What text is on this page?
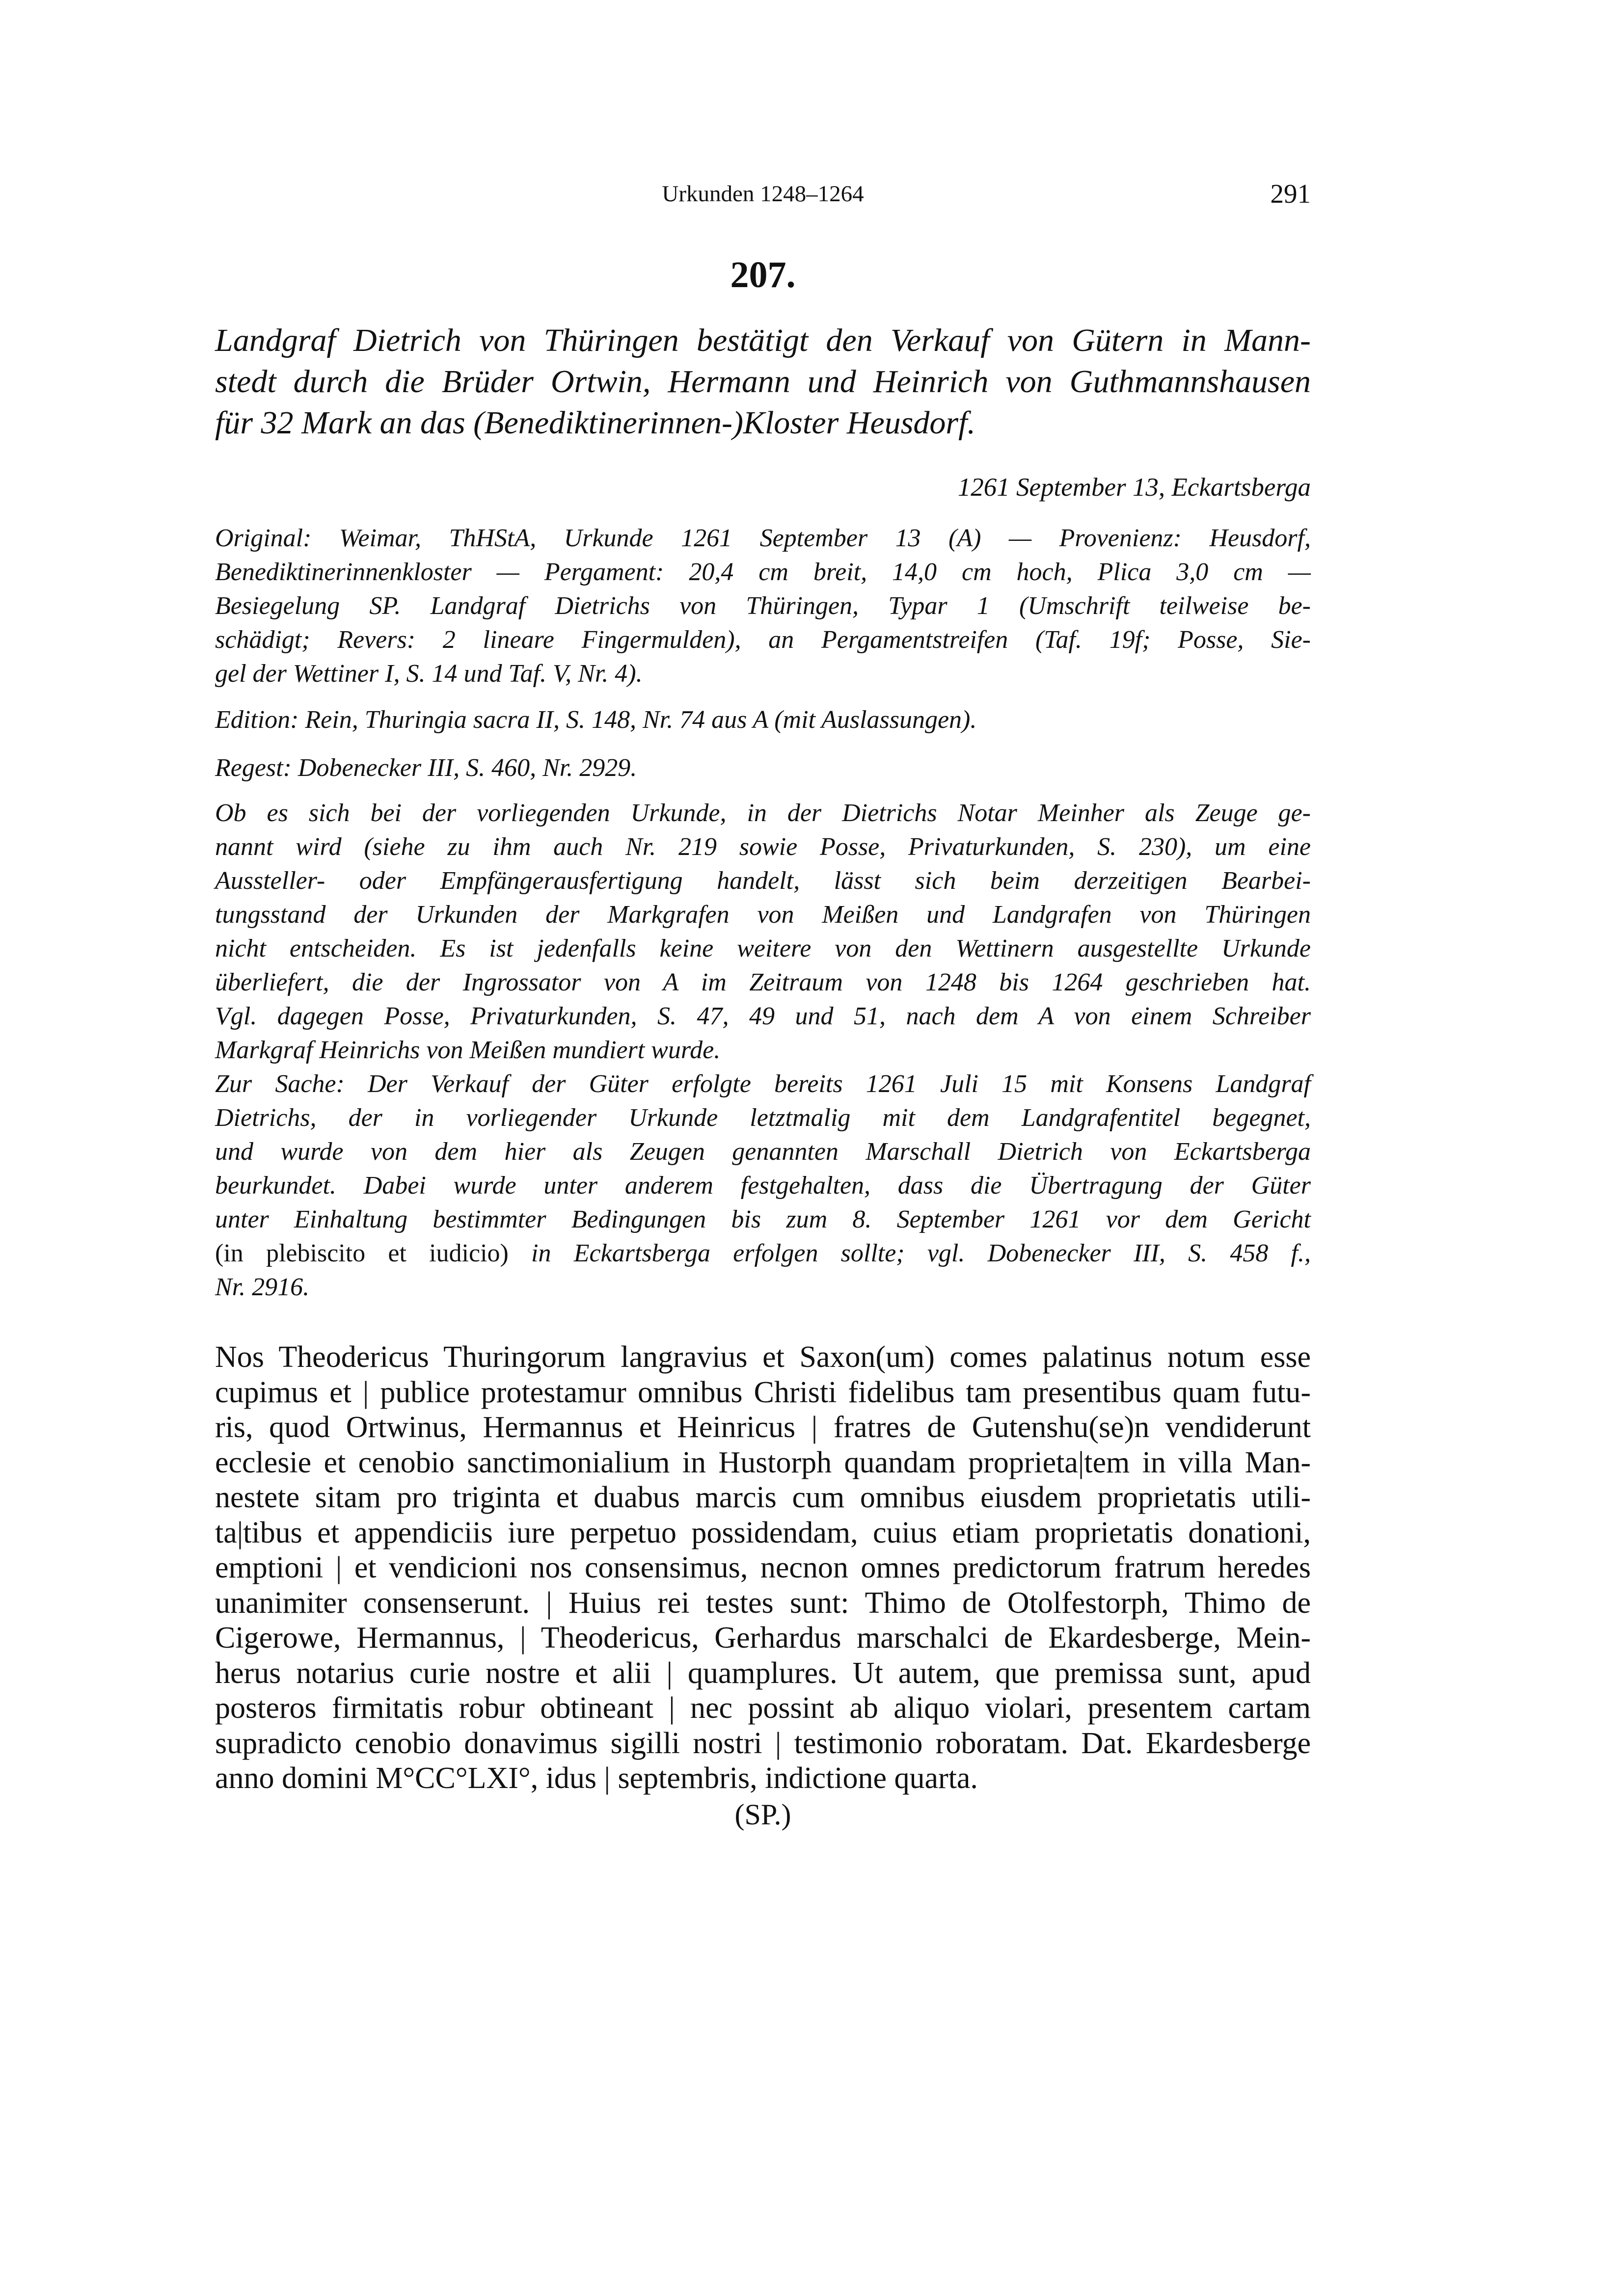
Urkunden 1248–1264	291
207.
Landgraf Dietrich von Thüringen bestätigt den Verkauf von Gütern in Mann-
stedt durch die Brüder Ortwin, Hermann und Heinrich von Guthmannshausen
für 32 Mark an das (Benediktinerinnen-)Kloster Heusdorf.
1261 September 13, Eckartsberga
Original: Weimar, ThHStA, Urkunde 1261 September 13 (A) — Provenienz: Heusdorf,
Benediktinerinnenkloster — Pergament: 20,4 cm breit, 14,0 cm hoch, Plica 3,0 cm —
Besiegelung SP. Landgraf Dietrichs von Thüringen, Typar 1 (Umschrift teilweise be-
schädigt; Revers: 2 lineare Fingermulden), an Pergamentstreifen (Taf. 19f; Posse, Sie-
gel der Wettiner I, S. 14 und Taf. V, Nr. 4).
Edition: Rein, Thuringia sacra II, S. 148, Nr. 74 aus A (mit Auslassungen).
Regest: Dobenecker III, S. 460, Nr. 2929.
Ob es sich bei der vorliegenden Urkunde, in der Dietrichs Notar Meinher als Zeuge ge-
nannt wird (siehe zu ihm auch Nr. 219 sowie Posse, Privaturkunden, S. 230), um eine
Aussteller- oder Empfängerausfertigung handelt, lässt sich beim derzeitigen Bearbei-
tungsstand der Urkunden der Markgrafen von Meißen und Landgrafen von Thüringen
nicht entscheiden. Es ist jedenfalls keine weitere von den Wettinern ausgestellte Urkunde
überliefert, die der Ingrossator von A im Zeitraum von 1248 bis 1264 geschrieben hat.
Vgl. dagegen Posse, Privaturkunden, S. 47, 49 und 51, nach dem A von einem Schreiber
Markgraf Heinrichs von Meißen mundiert wurde.
Zur Sache: Der Verkauf der Güter erfolgte bereits 1261 Juli 15 mit Konsens Landgraf
Dietrichs, der in vorliegender Urkunde letztmalig mit dem Landgrafentitel begegnet,
und wurde von dem hier als Zeugen genannten Marschall Dietrich von Eckartsberga
beurkundet. Dabei wurde unter anderem festgehalten, dass die Übertragung der Güter
unter Einhaltung bestimmter Bedingungen bis zum 8. September 1261 vor dem Gericht
(in plebiscito et iudicio) in Eckartsberga erfolgen sollte; vgl. Dobenecker III, S. 458 f.,
Nr. 2916.
Nos Theodericus Thuringorum langravius et Saxon(um) comes palatinus notum esse
cupimus et | publice protestamur omnibus Christi fidelibus tam presentibus quam futu-
ris, quod Ortwinus, Hermannus et Heinricus | fratres de Gutenshu(se)n vendiderunt
ecclesie et cenobio sanctimonialium in Hustorph quandam proprieta|tem in villa Man-
nestete sitam pro triginta et duabus marcis cum omnibus eiusdem proprietatis utili-
ta|tibus et appendiciis iure perpetuo possidendam, cuius etiam proprietatis donationi,
emptioni | et vendicioni nos consensimus, necnon omnes predictorum fratrum heredes
unanimiter consenserunt. | Huius rei testes sunt: Thimo de Otolfestorph, Thimo de
Cigerowe, Hermannus, | Theodericus, Gerhardus marschalci de Ekardesberge, Mein-
herus notarius curie nostre et alii | quamplures. Ut autem, que premissa sunt, apud
posteros firmitatis robur obtineant | nec possint ab aliquo violari, presentem cartam
supradicto cenobio donavimus sigilli nostri | testimonio roboratam. Dat. Ekardesberge
anno domini M°CC°LXI°, idus | septembris, indictione quarta.
(SP.)
